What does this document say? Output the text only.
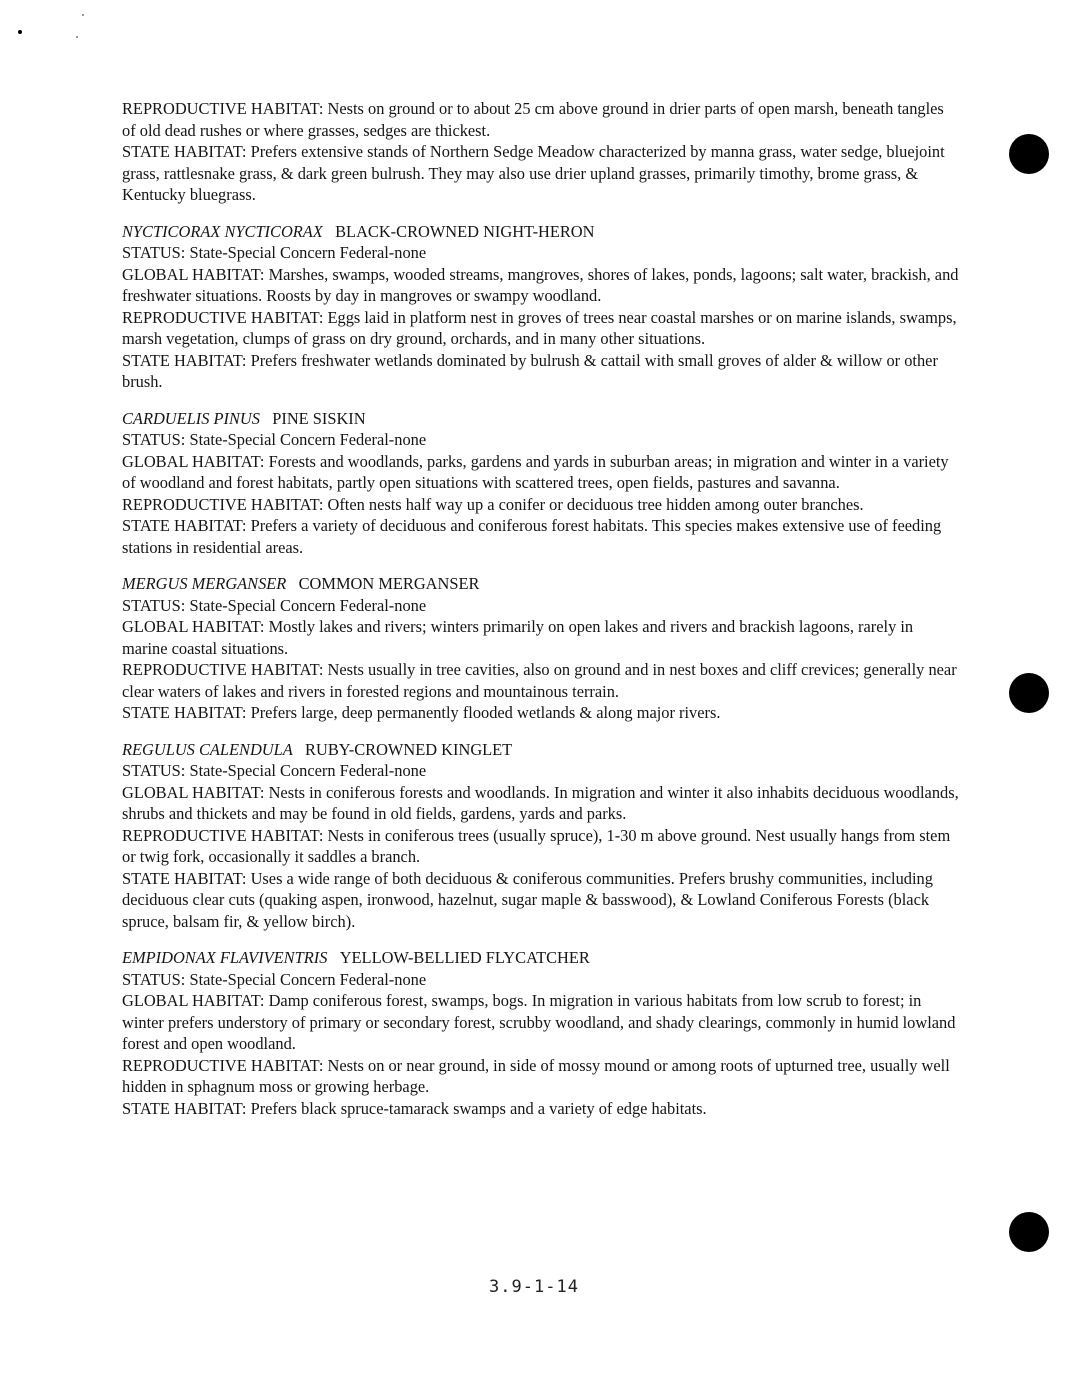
REPRODUCTIVE HABITAT: Nests on ground or to about 25 cm above ground in drier parts of open marsh, beneath tangles of old dead rushes or where grasses, sedges are thickest.

STATE HABITAT: Prefers extensive stands of Northern Sedge Meadow characterized by manna grass, water sedge, bluejoint grass, rattlesnake grass, & dark green bulrush. They may also use drier upland grasses, primarily timothy, brome grass, & Kentucky bluegrass.

NYCTICORAX NYCTICORAX BLACK-CROWNED NIGHT-HERON

STATUS: State-Special Concern Federal-none

GLOBAL HABITAT: Marshes, swamps, wooded streams, mangroves, shores of lakes, ponds, lagoons; salt water, brackish, and freshwater situations. Roosts by day in mangroves or swampy woodland.

REPRODUCTIVE HABITAT: Eggs laid in platform nest in groves of trees near coastal marshes or on marine islands, swamps, marsh vegetation, clumps of grass on dry ground, orchards, and in many other situations.

STATE HABITAT: Prefers freshwater wetlands dominated by bulrush & cattail with small groves of alder & willow or other brush.

CARDUELIS PINUS PINE SISKIN

STATUS: State-Special Concern Federal-none

GLOBAL HABITAT: Forests and woodlands, parks, gardens and yards in suburban areas; in migration and winter in a variety of woodland and forest habitats, partly open situations with scattered trees, open fields, pastures and savanna.

REPRODUCTIVE HABITAT: Often nests half way up a conifer or deciduous tree hidden among outer branches.

STATE HABITAT: Prefers a variety of deciduous and coniferous forest habitats. This species makes extensive use of feeding stations in residential areas.

MERGUS MERGANSER COMMON MERGANSER

STATUS: State-Special Concern Federal-none

GLOBAL HABITAT: Mostly lakes and rivers; winters primarily on open lakes and rivers and brackish lagoons, rarely in marine coastal situations.

REPRODUCTIVE HABITAT: Nests usually in tree cavities, also on ground and in nest boxes and cliff crevices; generally near clear waters of lakes and rivers in forested regions and mountainous terrain.

STATE HABITAT: Prefers large, deep permanently flooded wetlands & along major rivers.

REGULUS CALENDULA RUBY-CROWNED KINGLET

STATUS: State-Special Concern Federal-none

GLOBAL HABITAT: Nests in coniferous forests and woodlands. In migration and winter it also inhabits deciduous woodlands, shrubs and thickets and may be found in old fields, gardens, yards and parks.

REPRODUCTIVE HABITAT: Nests in coniferous trees (usually spruce), 1-30 m above ground. Nest usually hangs from stem or twig fork, occasionally it saddles a branch.

STATE HABITAT: Uses a wide range of both deciduous & coniferous communities. Prefers brushy communities, including deciduous clear cuts (quaking aspen, ironwood, hazelnut, sugar maple & basswood), & Lowland Coniferous Forests (black spruce, balsam fir, & yellow birch).

EMPIDONAX FLAVIVENTRIS YELLOW-BELLIED FLYCATCHER

STATUS: State-Special Concern Federal-none

GLOBAL HABITAT: Damp coniferous forest, swamps, bogs. In migration in various habitats from low scrub to forest; in winter prefers understory of primary or secondary forest, scrubby woodland, and shady clearings, commonly in humid lowland forest and open woodland.

REPRODUCTIVE HABITAT: Nests on or near ground, in side of mossy mound or among roots of upturned tree, usually well hidden in sphagnum moss or growing herbage.

STATE HABITAT: Prefers black spruce-tamarack swamps and a variety of edge habitats.

3.9-1-14
